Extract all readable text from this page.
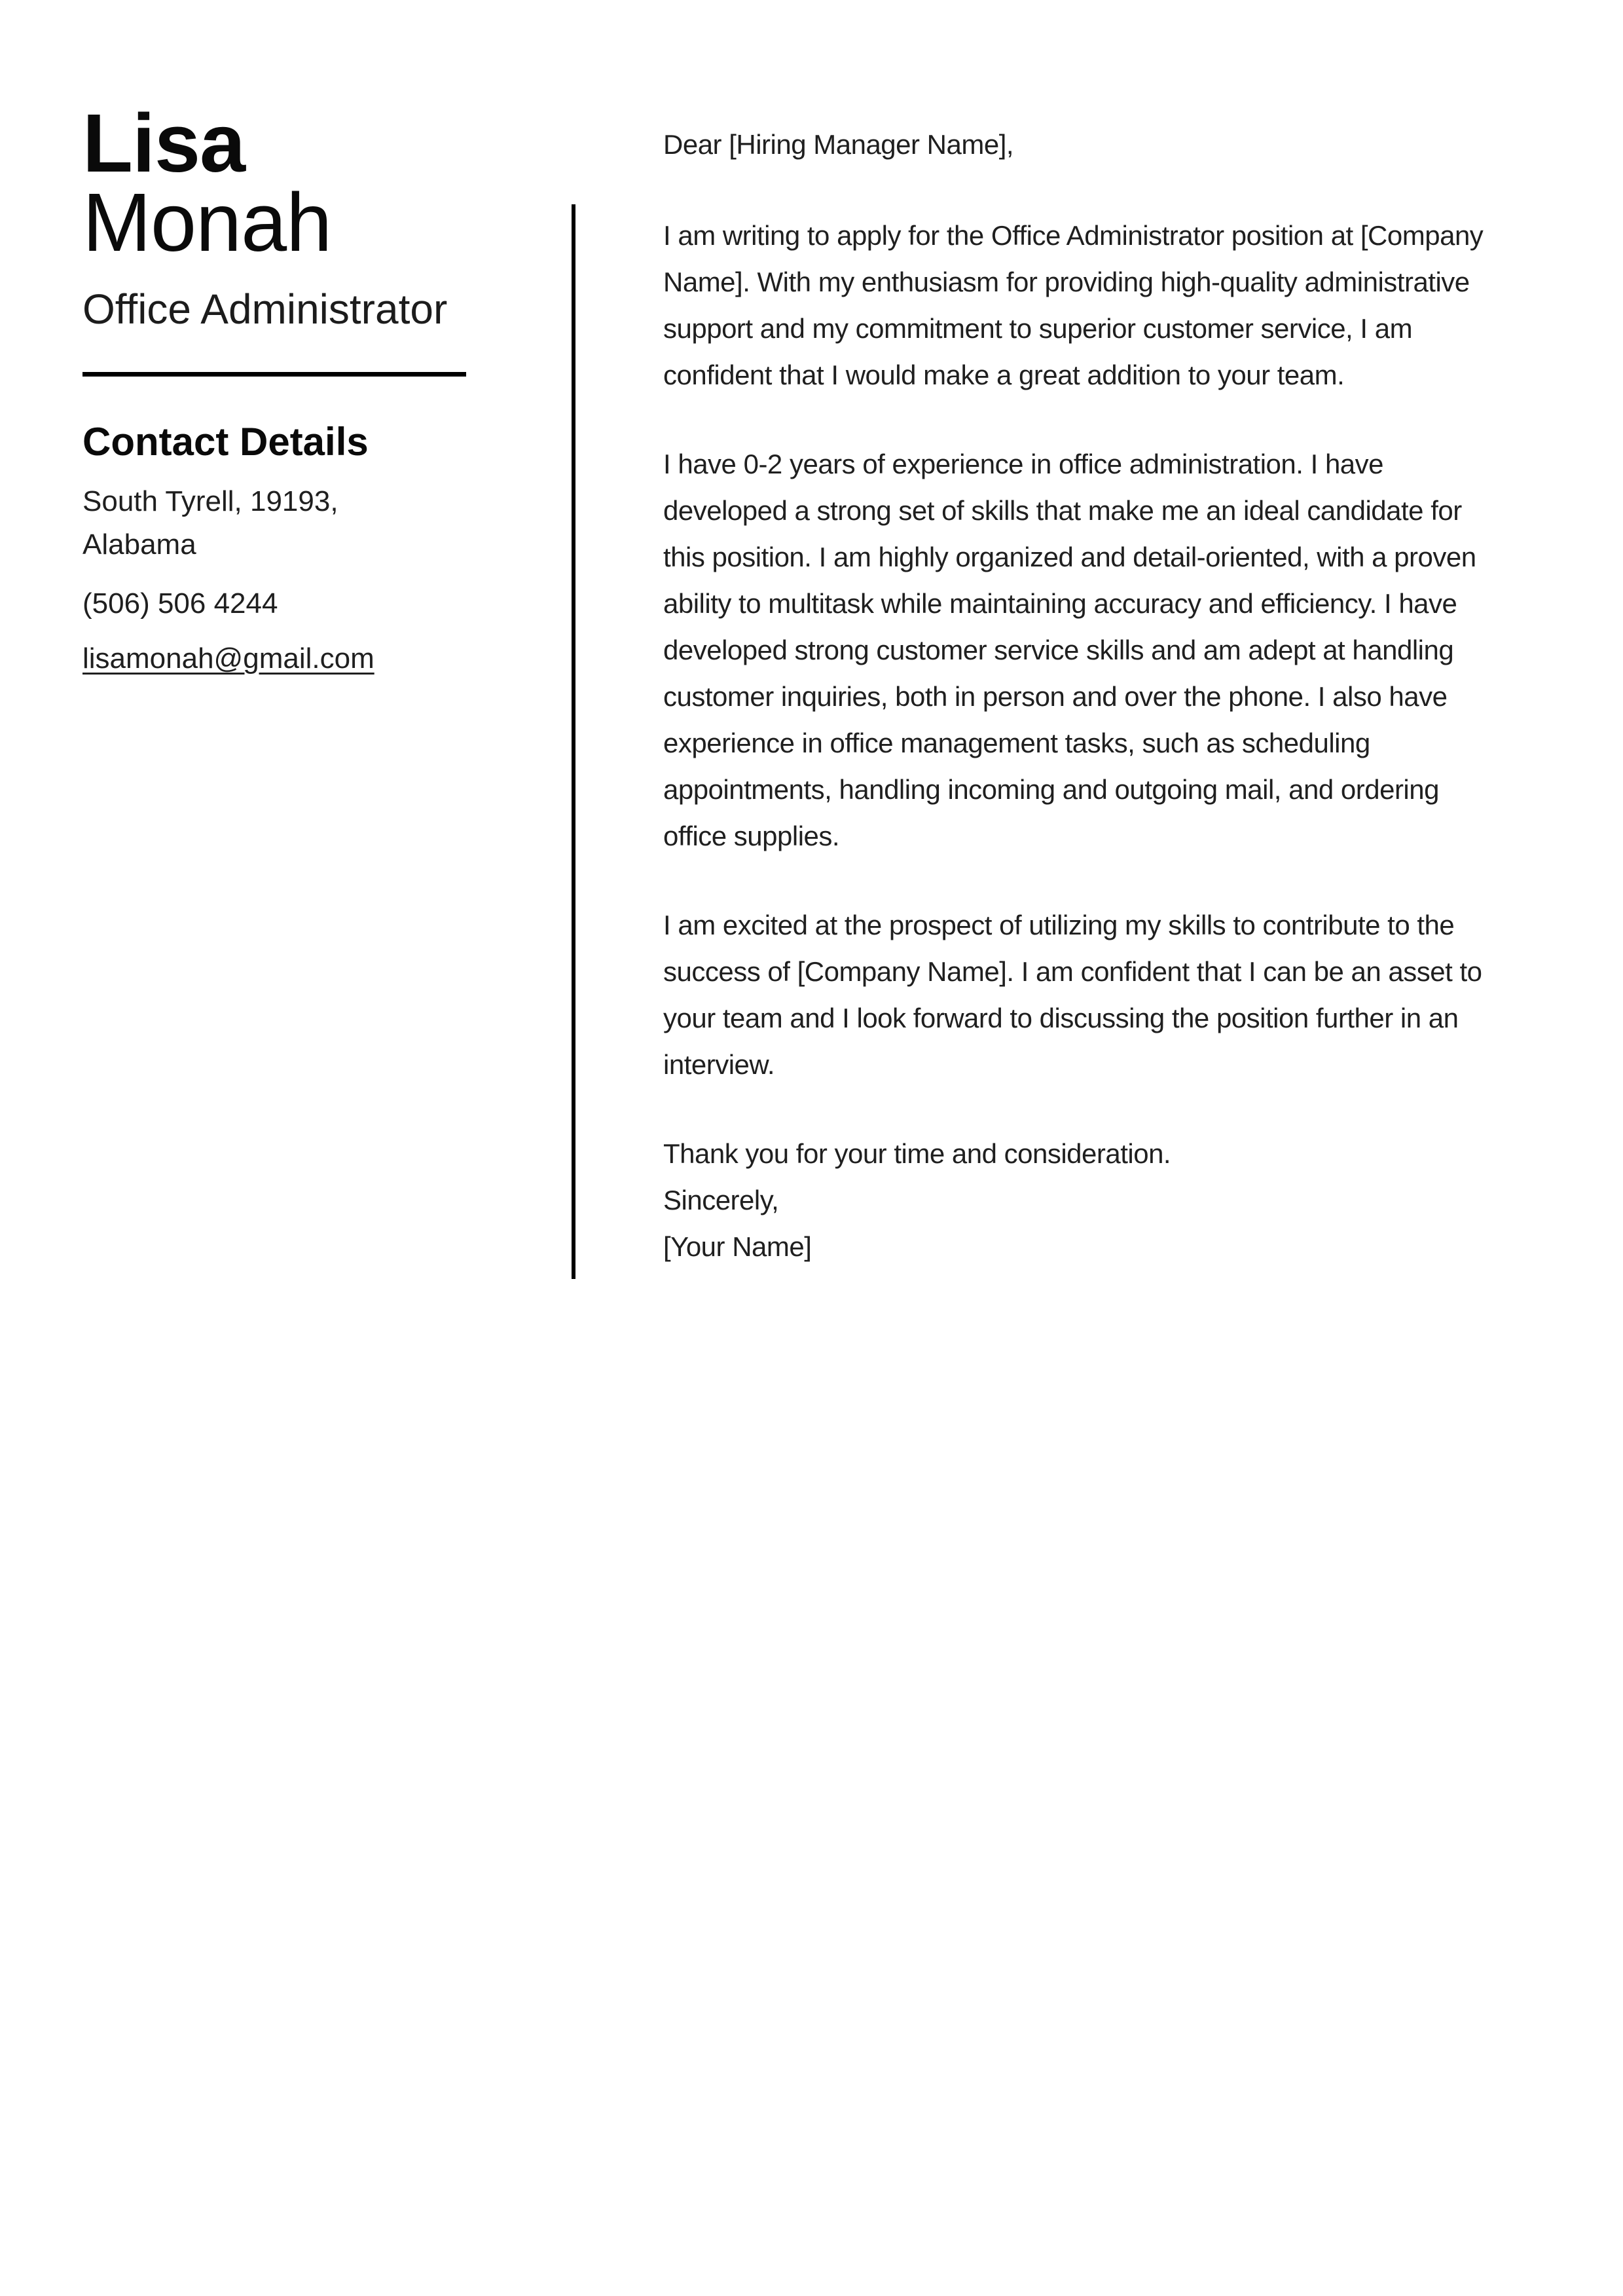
Lisa
Monah
Office Administrator
Contact Details
South Tyrell, 19193,
Alabama
(506) 506 4244
lisamonah@gmail.com
Dear [Hiring Manager Name],

I am writing to apply for the Office Administrator position at [Company Name]. With my enthusiasm for providing high-quality administrative support and my commitment to superior customer service, I am confident that I would make a great addition to your team.

I have 0-2 years of experience in office administration. I have developed a strong set of skills that make me an ideal candidate for this position. I am highly organized and detail-oriented, with a proven ability to multitask while maintaining accuracy and efficiency. I have developed strong customer service skills and am adept at handling customer inquiries, both in person and over the phone. I also have experience in office management tasks, such as scheduling appointments, handling incoming and outgoing mail, and ordering office supplies.

I am excited at the prospect of utilizing my skills to contribute to the success of [Company Name]. I am confident that I can be an asset to your team and I look forward to discussing the position further in an interview.

Thank you for your time and consideration.

Sincerely,

[Your Name]
